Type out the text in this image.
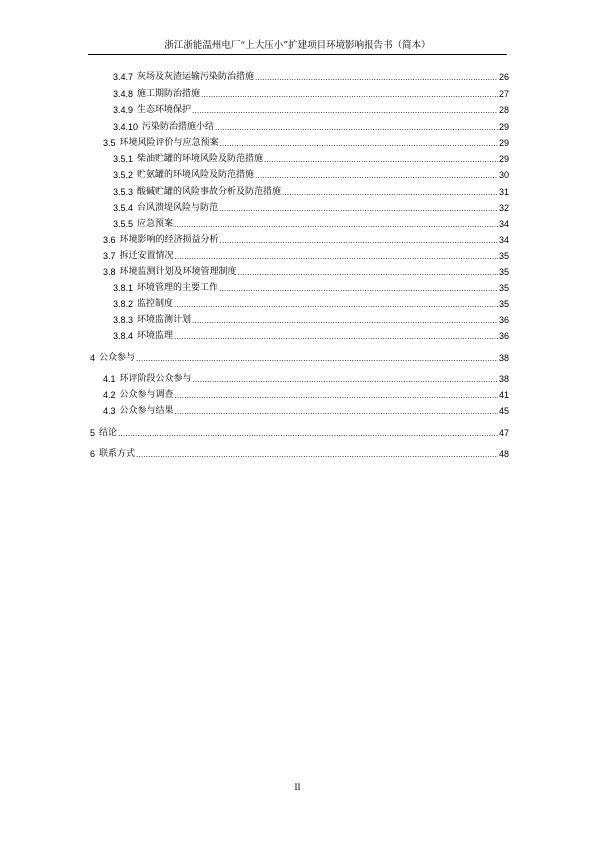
浙江浙能温州电厂“上大压小”扩建项目环境影响报告书（简本）
3.4.7 灰场及灰渣运输污染防治措施 .....	26
3.4.8 施工期防治措施 .....	27
3.4.9 生态环境保护 .....	28
3.4.10 污染防治措施小结 .....	29
3.5 环境风险评价与应急预案 .....	29
3.5.1 柴油贮罐的环境风险及防范措施 .....	29
3.5.2 贮氨罐的环境风险及防范措施 .....	30
3.5.3 酸碱贮罐的风险事故分析及防范措施 .....	31
3.5.4 台风溃堤风险与防范 .....	32
3.5.5 应急预案 .....	34
3.6 环境影响的经济损益分析 .....	34
3.7 拆迁安置情况 .....	35
3.8 环境监测计划及环境管理制度 .....	35
3.8.1 环境管理的主要工作 .....	35
3.8.2 监控制度 .....	35
3.8.3 环境监测计划 .....	36
3.8.4 环境监理 .....	36
4 公众参与 .....	38
4.1 环评阶段公众参与 .....	38
4.2 公众参与调查 .....	41
4.3 公众参与结果 .....	45
5 结论 .....	47
6 联系方式 .....	48
II
